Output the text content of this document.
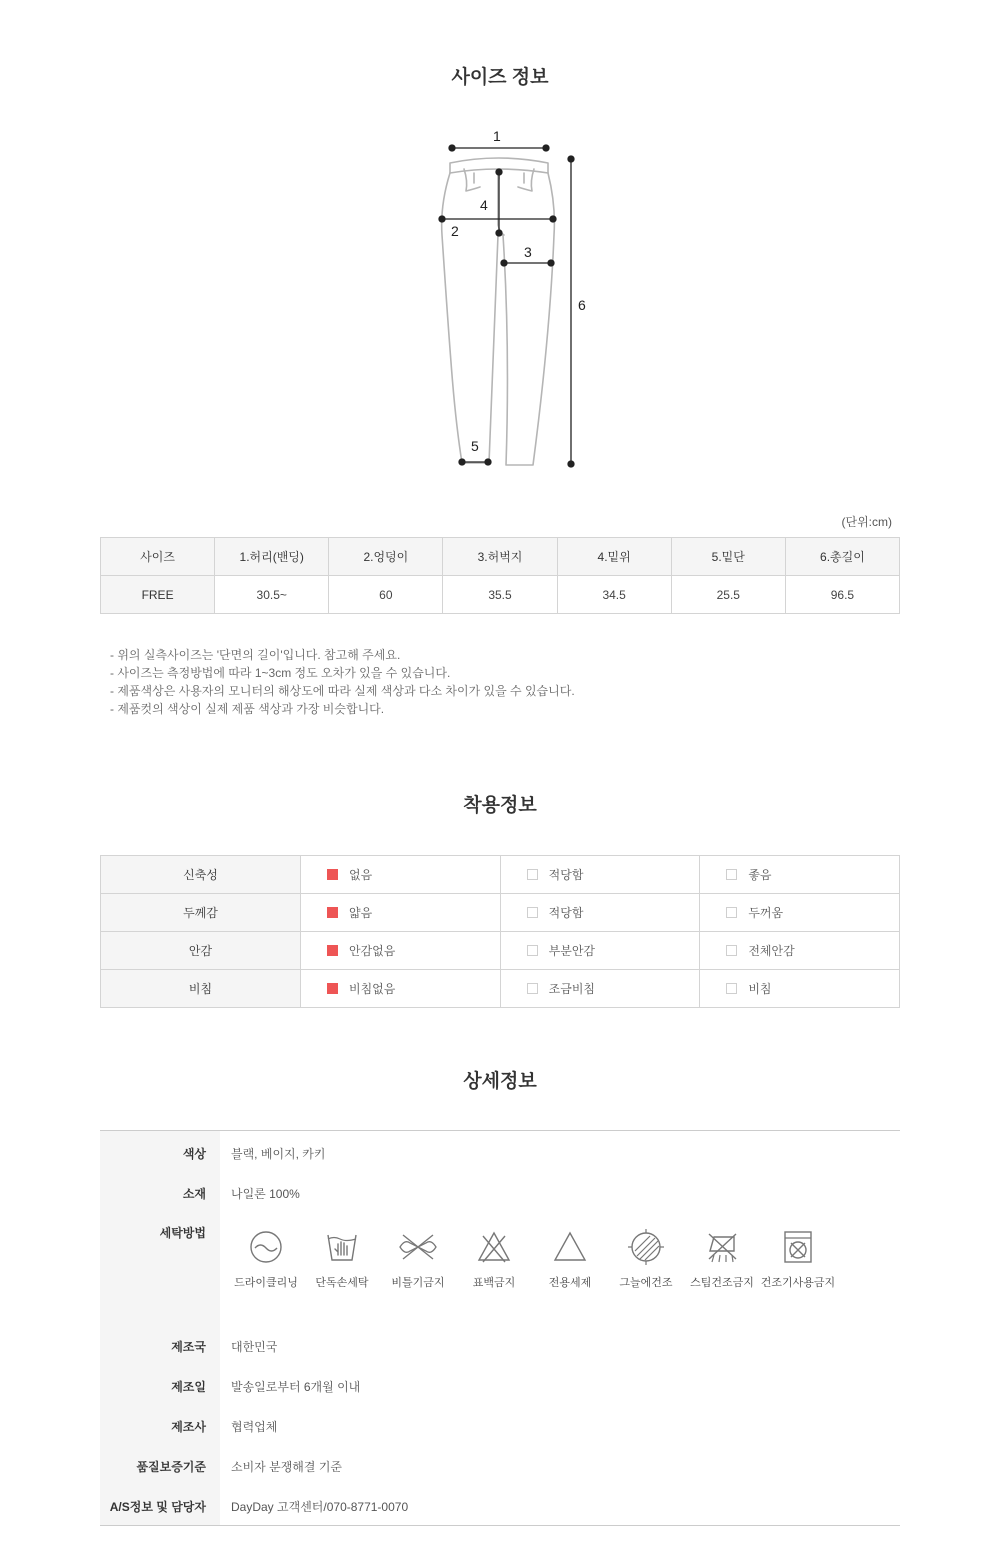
사이즈 정보
1
2
3
4
5
6
(단위:cm)
사이즈	1.허리(밴딩)	2.엉덩이	3.허벅지	4.밑위	5.밑단	6.총길이
FREE	30.5~	60	35.5	34.5	25.5	96.5
- 위의 실측사이즈는 '단면의 길이'입니다. 참고해 주세요.
- 사이즈는 측정방법에 따라 1~3cm 정도 오차가 있을 수 있습니다.
- 제품색상은 사용자의 모니터의 해상도에 따라 실제 색상과 다소 차이가 있을 수 있습니다.
- 제품컷의 색상이 실제 제품 색상과 가장 비슷합니다.
착용정보
신축성	없음	적당함	좋음
두께감	얇음	적당함	두꺼움
안감	안감없음	부분안감	전체안감
비침	비침없음	조금비침	비침
상세정보
색상 블랙, 베이지, 카키
소재 나일론 100%
세탁방법
드라이클리닝	단독손세탁	비틀기금지	표백금지	전용세제	그늘에건조	스팀건조금지 건조기사용금지
제조국 대한민국
제조일 발송일로부터 6개월 이내
제조사 협력업체
품질보증기준 소비자 분쟁해결 기준
A/S정보 및 담당자 DayDay 고객센터/070-8771-0070
